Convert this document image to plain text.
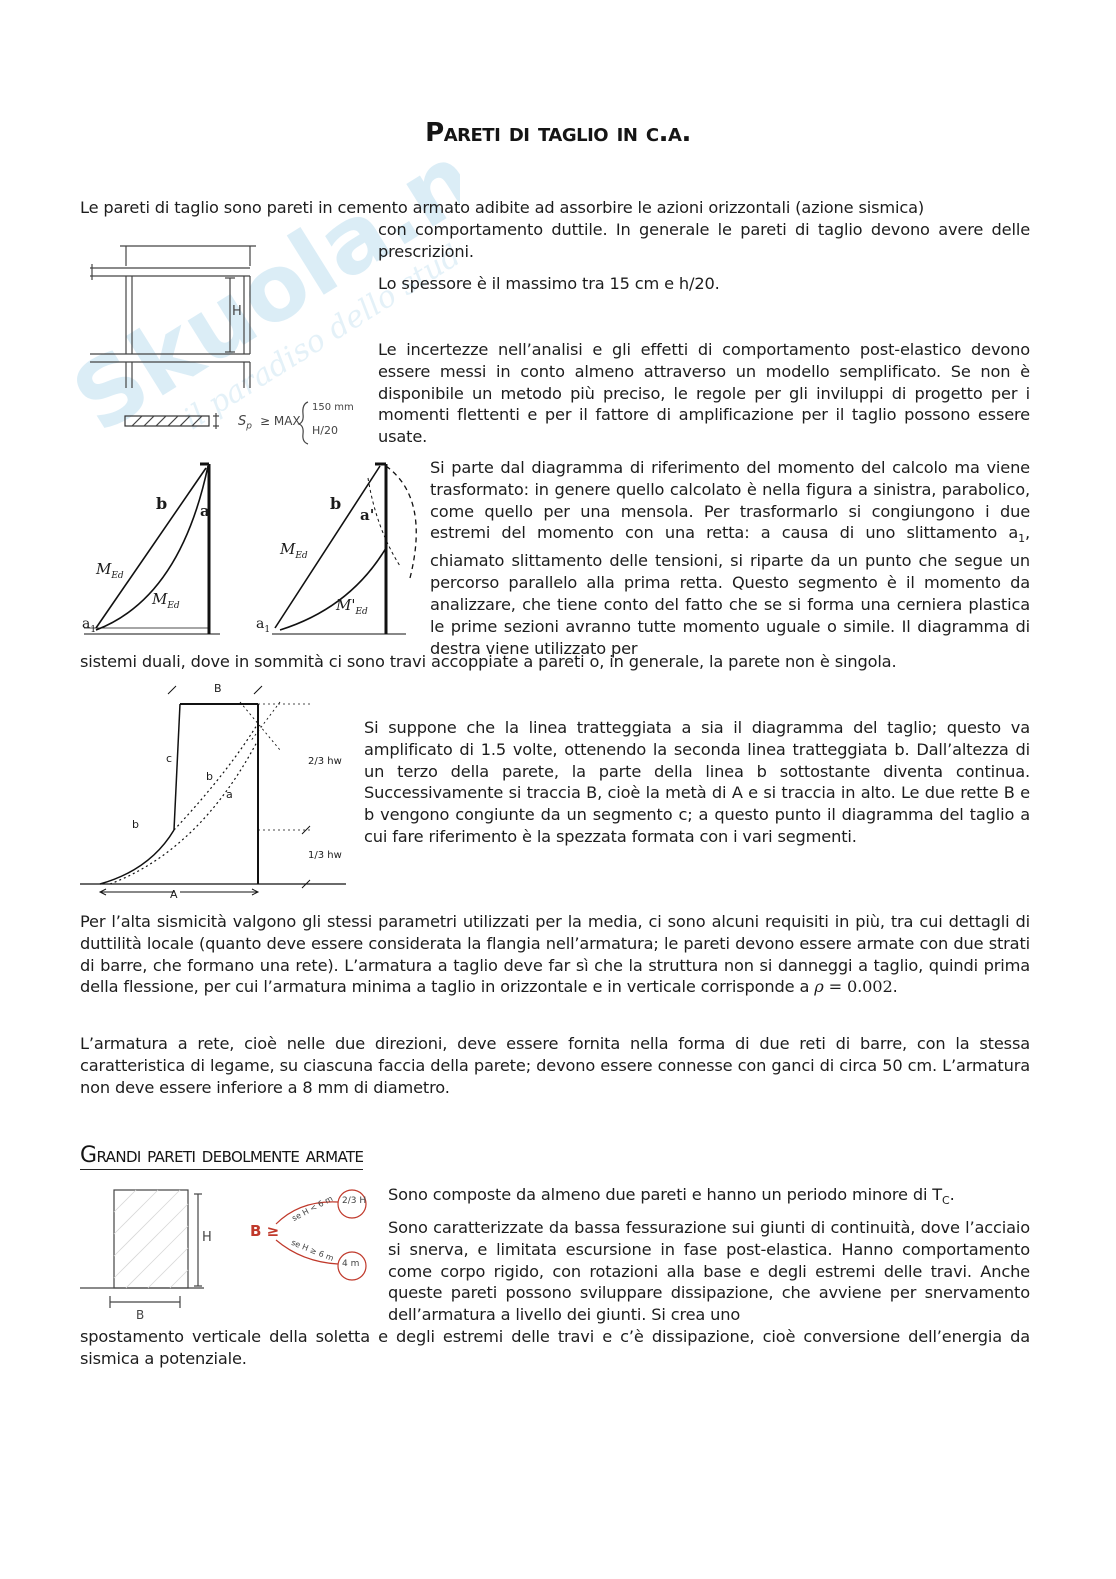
Skuola.net
il paradiso dello studente
Pareti di taglio in c.a.
Le pareti di taglio sono pareti in cemento armato adibite ad assorbire le azioni orizzontali (azione sismica)
con comportamento duttile. In generale le pareti di taglio devono avere delle prescrizioni.
Lo spessore è il massimo tra 15 cm e h/20.
H
$S_p$ ≥ MAX
150 mm
H/20
Le incertezze nell’analisi e gli effetti di comportamento post-elastico devono essere messi in conto almeno attraverso un modello semplificato. Se non è disponibile un metodo più preciso, le regole per gli inviluppi di progetto per i momenti flettenti e per il fattore di amplificazione per il taglio possono essere usate.
b a
$M_{Ed}$
$M_{Ed}$
$a_1$
b
a'
$M_{Ed}$
$M'_{Ed}$
$a_1$
Si parte dal diagramma di riferimento del momento del calcolo ma viene trasformato: in genere quello calcolato è nella figura a sinistra, parabolico, come quello per una mensola. Per trasformarlo si congiungono i due estremi del momento con una retta: a causa di uno slittamento $a_1$, chiamato slittamento delle tensioni, si riparte da un punto che segue un percorso parallelo alla prima retta. Questo segmento è il momento da analizzare, che tiene conto del fatto che se si forma una cerniera plastica le prime sezioni avranno tutte momento uguale o simile. Il diagramma di destra viene utilizzato per
sistemi duali, dove in sommità ci sono travi accoppiate a pareti o, in generale, la parete non è singola.
B
c
b
a
b
A
2/3 hw
1/3 hw
Si suppone che la linea tratteggiata a sia il diagramma del taglio; questo va amplificato di 1.5 volte, ottenendo la seconda linea tratteggiata b. Dall’altezza di un terzo della parete, la parte della linea b sottostante diventa continua. Successivamente si traccia B, cioè la metà di A e si traccia in alto. Le due rette B e b vengono congiunte da un segmento c; a questo punto il diagramma del taglio a cui fare riferimento è la spezzata formata con i vari segmenti.
Per l’alta sismicità valgono gli stessi parametri utilizzati per la media, ci sono alcuni requisiti in più, tra cui dettagli di duttilità locale (quanto deve essere considerata la flangia nell’armatura; le pareti devono essere armate con due strati di barre, che formano una rete). L’armatura a taglio deve far sì che la struttura non si danneggi a taglio, quindi prima della flessione, per cui l’armatura minima a taglio in orizzontale e in verticale corrisponde a ρ = 0.002.
L’armatura a rete, cioè nelle due direzioni, deve essere fornita nella forma di due reti di barre, con la stessa caratteristica di legame, su ciascuna faccia della parete; devono essere connesse con ganci di circa 50 cm. L’armatura non deve essere inferiore a 8 mm di diametro.
Grandi pareti debolmente armate
H
B
B ≥
se H < 6 m 2/3 H
se H ≥ 6 m
4 m
Sono composte da almeno due pareti e hanno un periodo minore di $T_C$.
Sono caratterizzate da bassa fessurazione sui giunti di continuità, dove l’acciaio si snerva, e limitata escursione in fase post-elastica. Hanno comportamento come corpo rigido, con rotazioni alla base e degli estremi delle travi. Anche queste pareti possono sviluppare dissipazione, che avviene per snervamento dell’armatura a livello dei giunti. Si crea uno
spostamento verticale della soletta e degli estremi delle travi e c’è dissipazione, cioè conversione dell’energia da sismica a potenziale.
